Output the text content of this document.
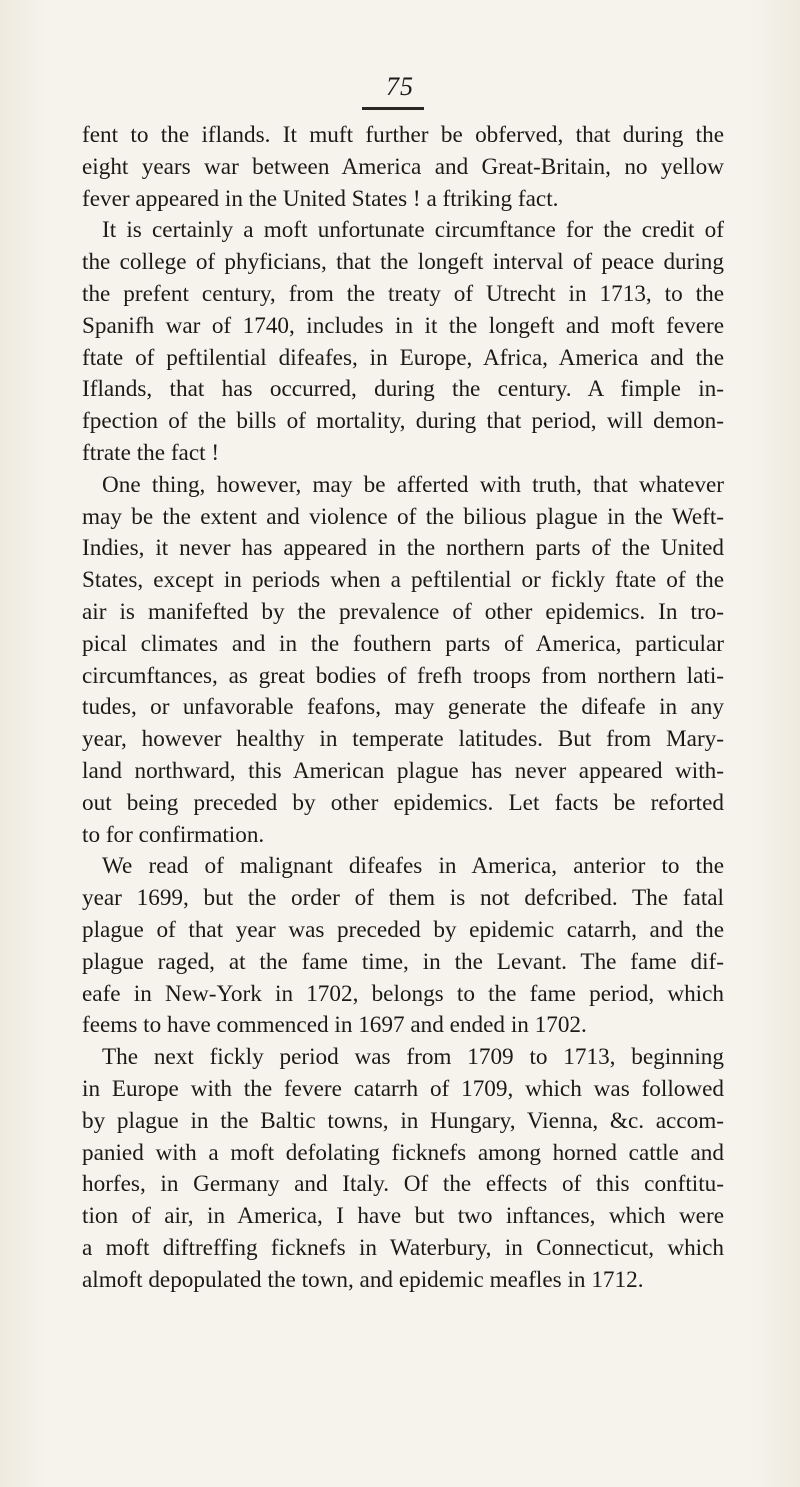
75
fent to the iflands. It muft further be obferved, that during the
eight years war between America and Great-Britain, no yellow
fever appeared in the United States ! a ftriking fact.
It is certainly a moft unfortunate circumftance for the credit of
the college of phyficians, that the longeft interval of peace during
the prefent century, from the treaty of Utrecht in 1713, to the
Spanifh war of 1740, includes in it the longeft and moft fevere
ftate of peftilential difeafes, in Europe, Africa, America and the
Iflands, that has occurred, during the century. A fimple in-
fpection of the bills of mortality, during that period, will demon-
ftrate the fact !
One thing, however, may be afferted with truth, that whatever
may be the extent and violence of the bilious plague in the Weft-
Indies, it never has appeared in the northern parts of the United
States, except in periods when a peftilential or fickly ftate of the
air is manifefted by the prevalence of other epidemics. In tro-
pical climates and in the fouthern parts of America, particular
circumftances, as great bodies of frefh troops from northern lati-
tudes, or unfavorable feafons, may generate the difeafe in any
year, however healthy in temperate latitudes. But from Mary-
land northward, this American plague has never appeared with-
out being preceded by other epidemics. Let facts be reforted
to for confirmation.
We read of malignant difeafes in America, anterior to the
year 1699, but the order of them is not defcribed. The fatal
plague of that year was preceded by epidemic catarrh, and the
plague raged, at the fame time, in the Levant. The fame dif-
eafe in New-York in 1702, belongs to the fame period, which
feems to have commenced in 1697 and ended in 1702.
The next fickly period was from 1709 to 1713, beginning
in Europe with the fevere catarrh of 1709, which was followed
by plague in the Baltic towns, in Hungary, Vienna, &c. accom-
panied with a moft defolating ficknefs among horned cattle and
horfes, in Germany and Italy. Of the effects of this conftitu-
tion of air, in America, I have but two inftances, which were
a moft diftreffing ficknefs in Waterbury, in Connecticut, which
almoft depopulated the town, and epidemic meafles in 1712.
